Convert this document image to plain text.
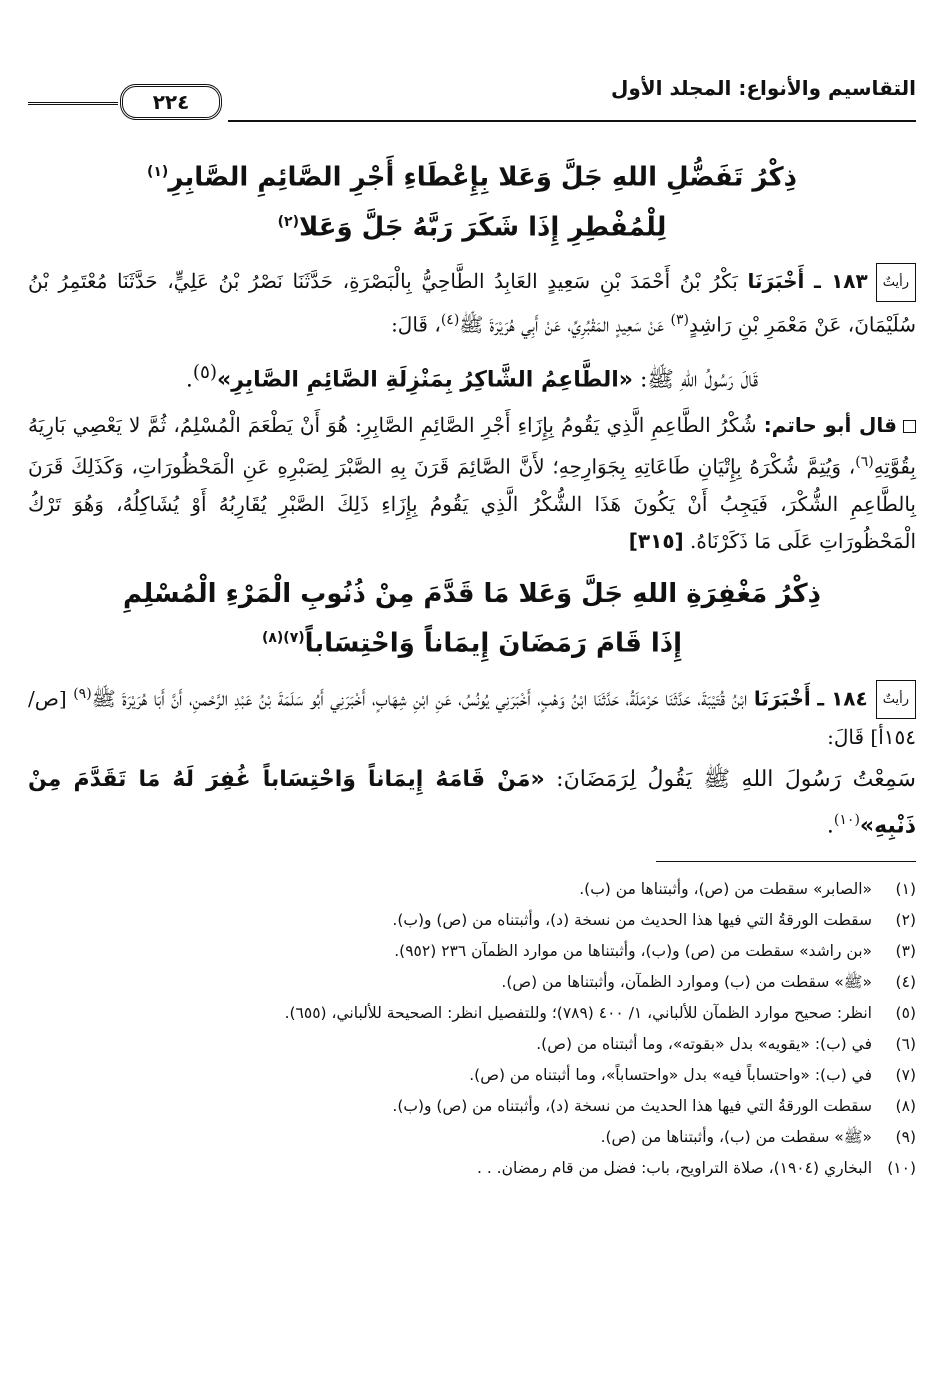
التقاسيم والأنواع: المجلد الأول
٢٢٤
ذِكْرُ تَفَضُّلِ اللهِ جَلَّ وَعَلا بِإِعْطَاءِ أَجْرِ الصَّائِمِ الصَّابِرِ$^{(١)}$
لِلْمُفْطِرِ إِذَا شَكَرَ رَبَّهُ جَلَّ وَعَلا$^{(٢)}$

رأيتٌ١٨٣ ـ أَخْبَرَنَا بَكْرُ بْنُ أَحْمَدَ بْنِ سَعِيدٍ العَابِدُ الطَّاحِيُّ بِالْبَصْرَةِ، حَدَّثَنَا نَصْرُ بْنُ عَلِيٍّ، حَدَّثَنَا مُعْتَمِرُ بْنُ سُلَيْمَانَ، عَنْ مَعْمَرِ بْنِ رَاشِدٍ$^{(٣)}$ عَنْ سَعِيدٍ المَقْبُرِيِّ، عَنْ أَبِي هُرَيْرَةَ ﷺ$^{(٤)}$، قَالَ:

قَالَ رَسُولُ اللهِ ﷺ: «الطَّاعِمُ الشَّاكِرُ بِمَنْزِلَةِ الصَّائِمِ الصَّابِرِ»$^{(٥)}$.

قال أبو حاتم: شُكْرُ الطَّاعِمِ الَّذِي يَقُومُ بِإِزَاءِ أَجْرِ الصَّائِمِ الصَّابِرِ: هُوَ أَنْ يَطْعَمَ الْمُسْلِمُ، ثُمَّ لا يَعْصِي بَارِيَهُ بِقُوَّتِهِ$^{(٦)}$، وَيُتِمَّ شُكْرَهُ بِإِتْيَانِ طَاعَاتِهِ بِجَوَارِحِهِ؛ لأَنَّ الصَّائِمَ قَرَنَ بِهِ الصَّبْرَ لِصَبْرِهِ عَنِ الْمَحْظُورَاتِ، وَكَذَلِكَ قَرَنَ بِالطَّاعِمِ الشُّكْرَ، فَيَجِبُ أَنْ يَكُونَ هَذَا الشُّكْرُ الَّذِي يَقُومُ بِإِزَاءِ ذَلِكَ الصَّبْرِ يُقَارِبُهُ أَوْ يُشَاكِلُهُ، وَهُوَ تَرْكُ الْمَحْظُورَاتِ عَلَى مَا ذَكَرْنَاهُ. [٣١٥]

ذِكْرُ مَغْفِرَةِ اللهِ جَلَّ وَعَلا مَا قَدَّمَ مِنْ ذُنُوبِ الْمَرْءِ الْمُسْلِمِ
إِذَا قَامَ رَمَضَانَ إِيمَاناً وَاحْتِسَاباً$^{(٧)(٨)}$

رأيتٌ١٨٤ ـ أَخْبَرَنَا ابْنُ قُتَيْبَةَ، حَدَّثَنَا حَرْمَلَةُ، حَدَّثَنَا ابْنُ وَهْبٍ، أَخْبَرَنِي يُونُسُ، عَنِ ابْنِ شِهَابٍ، أَخْبَرَنِي أَبُو سَلَمَةَ بْنُ عَبْدِ الرَّحْمنِ، أَنَّ أَبَا هُرَيْرَةَ ﷺ$^{(٩)}$ [ص/١٥٤أ] قَالَ:

سَمِعْتُ رَسُولَ اللهِ ﷺ يَقُولُ لِرَمَضَانَ: «مَنْ قَامَهُ إِيمَاناً وَاحْتِسَاباً غُفِرَ لَهُ مَا تَقَدَّمَ مِنْ ذَنْبِهِ»$^{(١٠)}$.

(١)
«الصابر» سقطت من (ص)، وأثبتناها من (ب).
(٢)
سقطت الورقةُ التي فيها هذا الحديث من نسخة (د)، وأثبتناه من (ص) و(ب).
(٣)
«بن راشد» سقطت من (ص) و(ب)، وأثبتناها من موارد الظمآن ٢٣٦ (٩٥٢).
(٤)
«ﷺ» سقطت من (ب) وموارد الظمآن، وأثبتناها من (ص).
(٥)
انظر: صحيح موارد الظمآن للألباني، ١/ ٤٠٠ (٧٨٩)؛ وللتفصيل انظر: الصحيحة للألباني، (٦٥٥).
(٦)
في (ب): «يقويه» بدل «بقوته»، وما أثبتناه من (ص).
(٧)
في (ب): «واحتساباً فيه» بدل «واحتساباً»، وما أثبتناه من (ص).
(٨)
سقطت الورقةُ التي فيها هذا الحديث من نسخة (د)، وأثبتناه من (ص) و(ب).
(٩)
«ﷺ» سقطت من (ب)، وأثبتناها من (ص).
(١٠)
البخاري (١٩٠٤)، صلاة التراويح، باب: فضل من قام رمضان. . .
